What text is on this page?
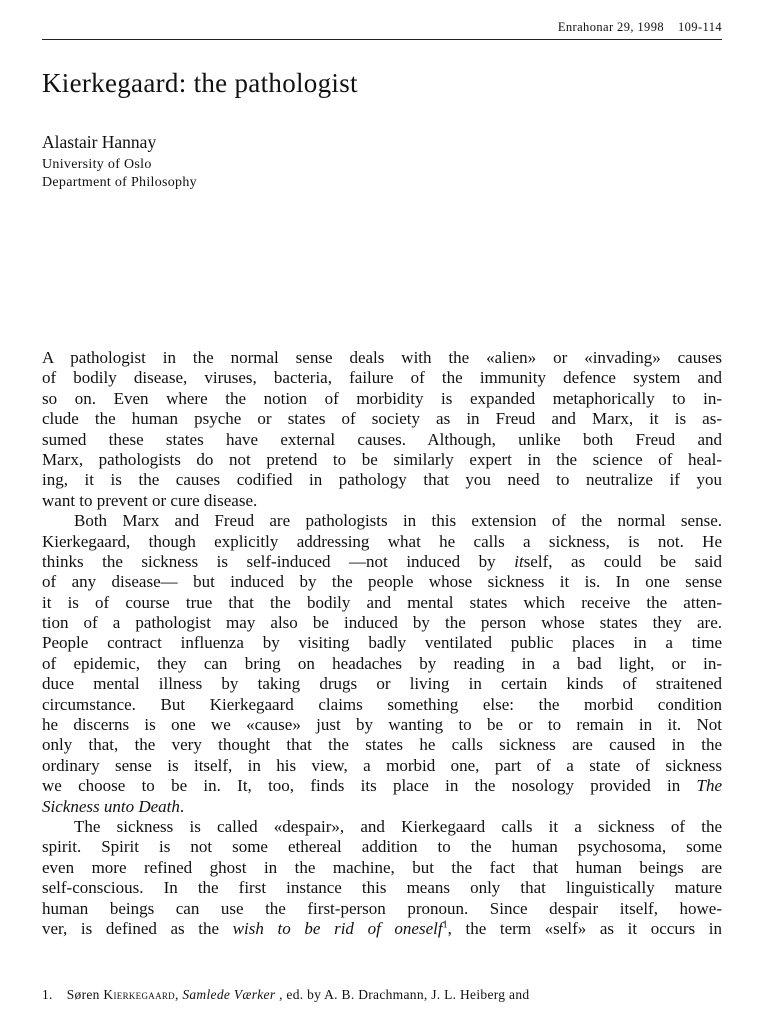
Enrahonar 29, 1998 109-114
Kierkegaard: the pathologist
Alastair Hannay
University of Oslo
Department of Philosophy
A pathologist in the normal sense deals with the «alien» or «invading» causes
of bodily disease, viruses, bacteria, failure of the immunity defence system and
so on. Even where the notion of morbidity is expanded metaphorically to in-
clude the human psyche or states of society as in Freud and Marx, it is as-
sumed these states have external causes. Although, unlike both Freud and
Marx, pathologists do not pretend to be similarly expert in the science of heal-
ing, it is the causes codified in pathology that you need to neutralize if you
want to prevent or cure disease.
Both Marx and Freud are pathologists in this extension of the normal sense.
Kierkegaard, though explicitly addressing what he calls a sickness, is not. He
thinks the sickness is self-induced —not induced by itself, as could be said
of any disease— but induced by the people whose sickness it is. In one sense
it is of course true that the bodily and mental states which receive the atten-
tion of a pathologist may also be induced by the person whose states they are.
People contract influenza by visiting badly ventilated public places in a time
of epidemic, they can bring on headaches by reading in a bad light, or in-
duce mental illness by taking drugs or living in certain kinds of straitened
circumstance. But Kierkegaard claims something else: the morbid condition
he discerns is one we «cause» just by wanting to be or to remain in it. Not
only that, the very thought that the states he calls sickness are caused in the
ordinary sense is itself, in his view, a morbid one, part of a state of sickness
we choose to be in. It, too, finds its place in the nosology provided in The
Sickness unto Death.
The sickness is called «despair», and Kierkegaard calls it a sickness of the
spirit. Spirit is not some ethereal addition to the human psychosoma, some
even more refined ghost in the machine, but the fact that human beings are
self-conscious. In the first instance this means only that linguistically mature
human beings can use the first-person pronoun. Since despair itself, howe-
ver, is defined as the wish to be rid of oneself$^1$, the term «self» as it occurs in
1. Søren Kierkegaard, Samlede Værker , ed. by A. B. Drachmann, J. L. Heiberg and
